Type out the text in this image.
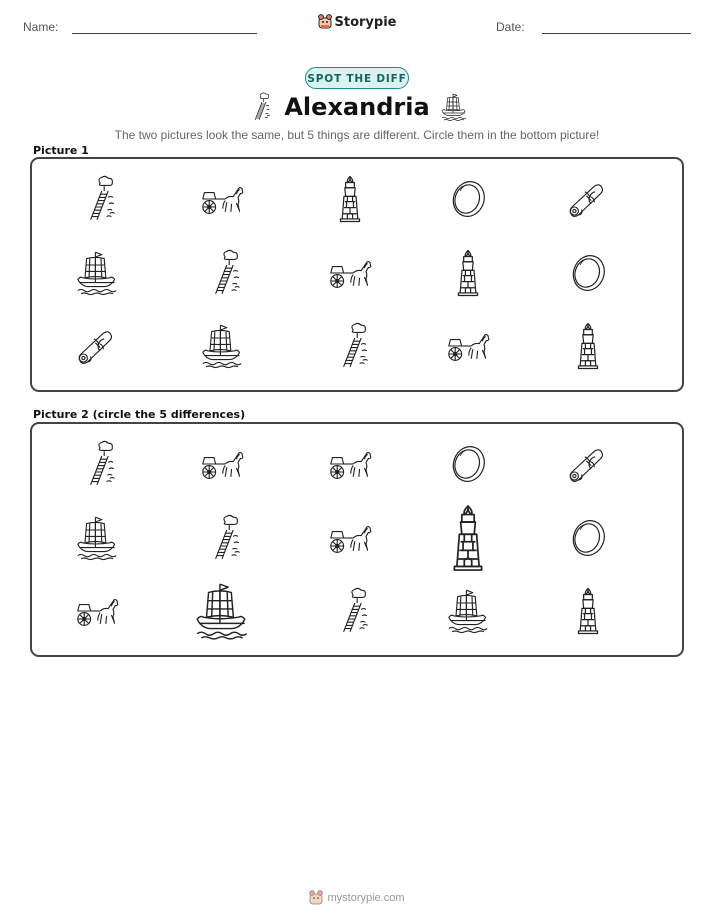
Name:	Storypie	Date:
SPOT THE DIFF
Alexandria
The two pictures look the same, but 5 things are different. Circle them in the bottom picture!
Picture 1
Picture 2 (circle the 5 differences)
mystorypie.com
